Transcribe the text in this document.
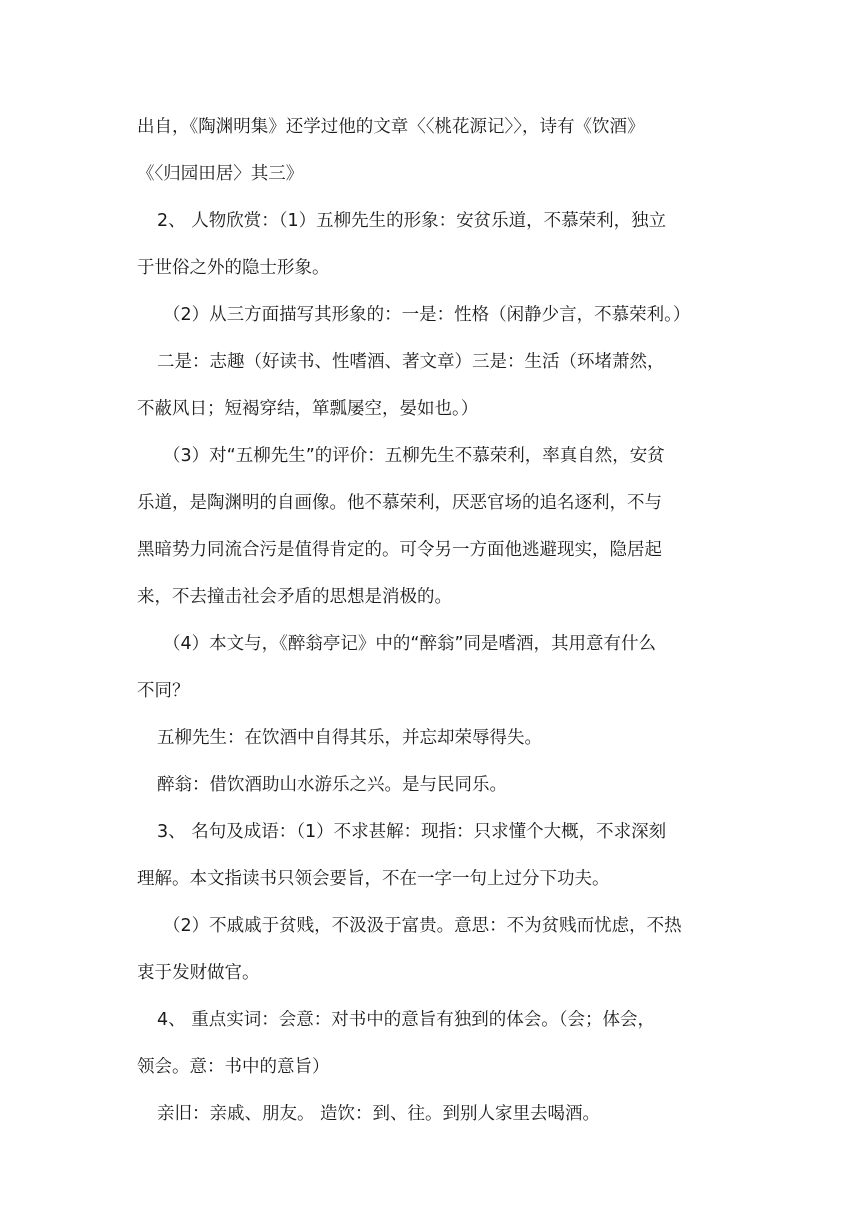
出自，《陶渊明集》还学过他的文章〈〈桃花源记〉〉，诗有《饮酒》
《〈归园田居〉其三》
2、 人物欣赏：（1）五柳先生的形象：安贫乐道，不慕荣利，独立
于世俗之外的隐士形象。
（2）从三方面描写其形象的：一是：性格（闲静少言，不慕荣利。）
二是：志趣（好读书、性嗜酒、著文章）三是：生活（环堵萧然，
不蔽风日；短褐穿结，箪瓢屡空，晏如也。）
（3）对“五柳先生”的评价：五柳先生不慕荣利，率真自然，安贫
乐道，是陶渊明的自画像。他不慕荣利，厌恶官场的追名逐利，不与
黑暗势力同流合污是值得肯定的。可令另一方面他逃避现实，隐居起
来，不去撞击社会矛盾的思想是消极的。
（4）本文与，《醉翁亭记》中的“醉翁”同是嗜酒，其用意有什么
不同？
五柳先生：在饮酒中自得其乐，并忘却荣辱得失。
醉翁：借饮酒助山水游乐之兴。是与民同乐。
3、 名句及成语：（1）不求甚解：现指：只求懂个大概，不求深刻
理解。本文指读书只领会要旨，不在一字一句上过分下功夫。
（2）不戚戚于贫贱，不汲汲于富贵。意思：不为贫贱而忧虑，不热
衷于发财做官。
4、 重点实词：会意：对书中的意旨有独到的体会。（会；体会，
领会。意：书中的意旨）
亲旧：亲戚、朋友。 造饮：到、往。到别人家里去喝酒。
